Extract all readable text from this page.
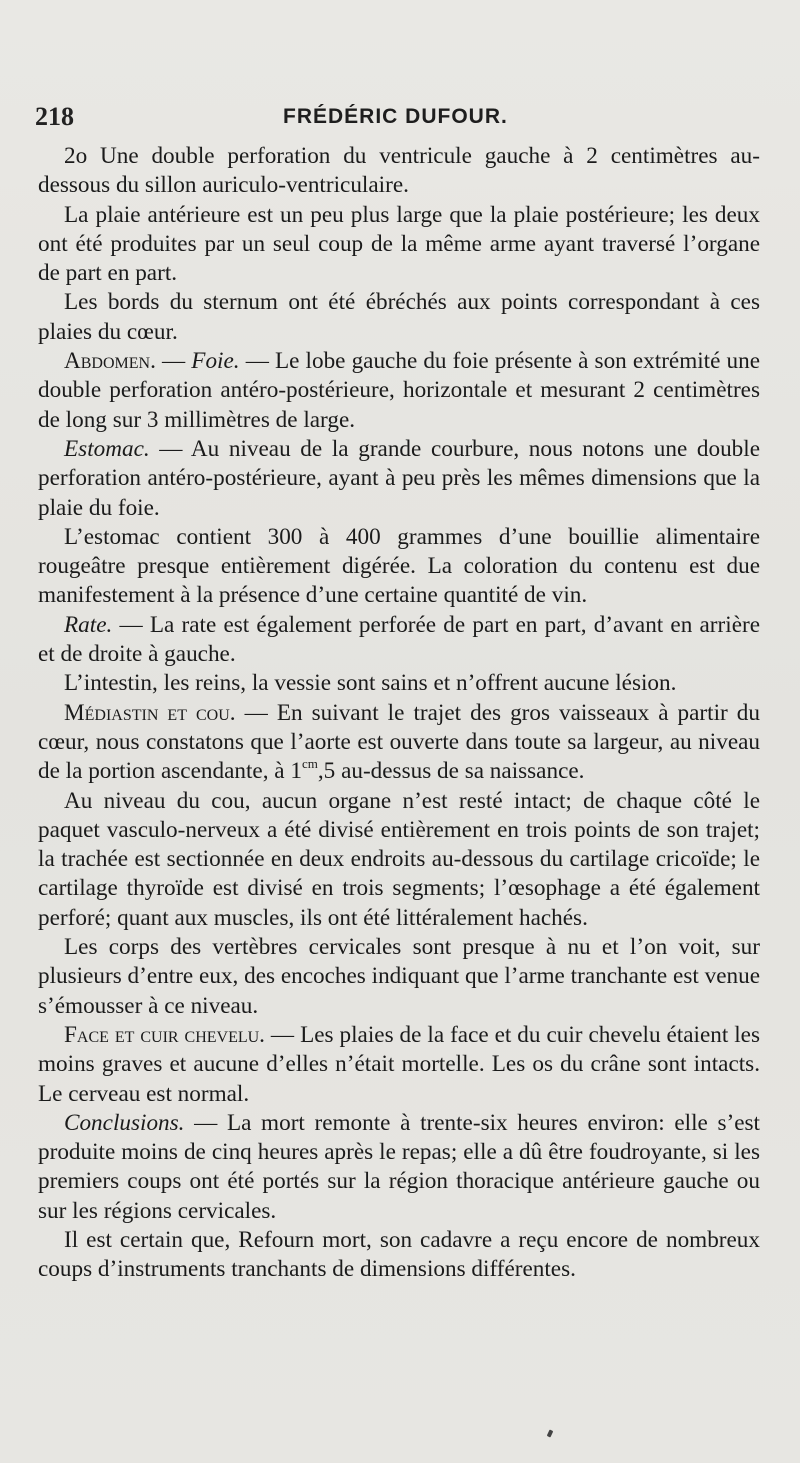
218	FRÉDÉRIC DUFOUR.

2o Une double perforation du ventricule gauche à 2 centimètres au-dessous du sillon auriculo-ventriculaire.

La plaie antérieure est un peu plus large que la plaie postérieure; les deux ont été produites par un seul coup de la même arme ayant traversé l’organe de part en part.

Les bords du sternum ont été ébréchés aux points correspondant à ces plaies du cœur.

Abdomen. — Foie. — Le lobe gauche du foie présente à son extrémité une double perforation antéro-postérieure, horizontale et mesurant 2 centimètres de long sur 3 millimètres de large.

Estomac. — Au niveau de la grande courbure, nous notons une double perforation antéro-postérieure, ayant à peu près les mêmes dimensions que la plaie du foie.

L’estomac contient 300 à 400 grammes d’une bouillie alimentaire rougeâtre presque entièrement digérée. La coloration du contenu est due manifestement à la présence d’une certaine quantité de vin.

Rate. — La rate est également perforée de part en part, d’avant en arrière et de droite à gauche.

L’intestin, les reins, la vessie sont sains et n’offrent aucune lésion.

Médiastin et cou. — En suivant le trajet des gros vaisseaux à partir du cœur, nous constatons que l’aorte est ouverte dans toute sa largeur, au niveau de la portion ascendante, à $1^{cm},5$ au-dessus de sa naissance.

Au niveau du cou, aucun organe n’est resté intact; de chaque côté le paquet vasculo-nerveux a été divisé entièrement en trois points de son trajet; la trachée est sectionnée en deux endroits au-dessous du cartilage cricoïde; le cartilage thyroïde est divisé en trois segments; l’œsophage a été également perforé; quant aux muscles, ils ont été littéralement hachés.

Les corps des vertèbres cervicales sont presque à nu et l’on voit, sur plusieurs d’entre eux, des encoches indiquant que l’arme tranchante est venue s’émousser à ce niveau.

Face et cuir chevelu. — Les plaies de la face et du cuir chevelu étaient les moins graves et aucune d’elles n’était mortelle. Les os du crâne sont intacts. Le cerveau est normal.

Conclusions. — La mort remonte à trente-six heures environ: elle s’est produite moins de cinq heures après le repas; elle a dû être foudroyante, si les premiers coups ont été portés sur la région thoracique antérieure gauche ou sur les régions cervicales.

Il est certain que, Refourn mort, son cadavre a reçu encore de nombreux coups d’instruments tranchants de dimensions différentes.
